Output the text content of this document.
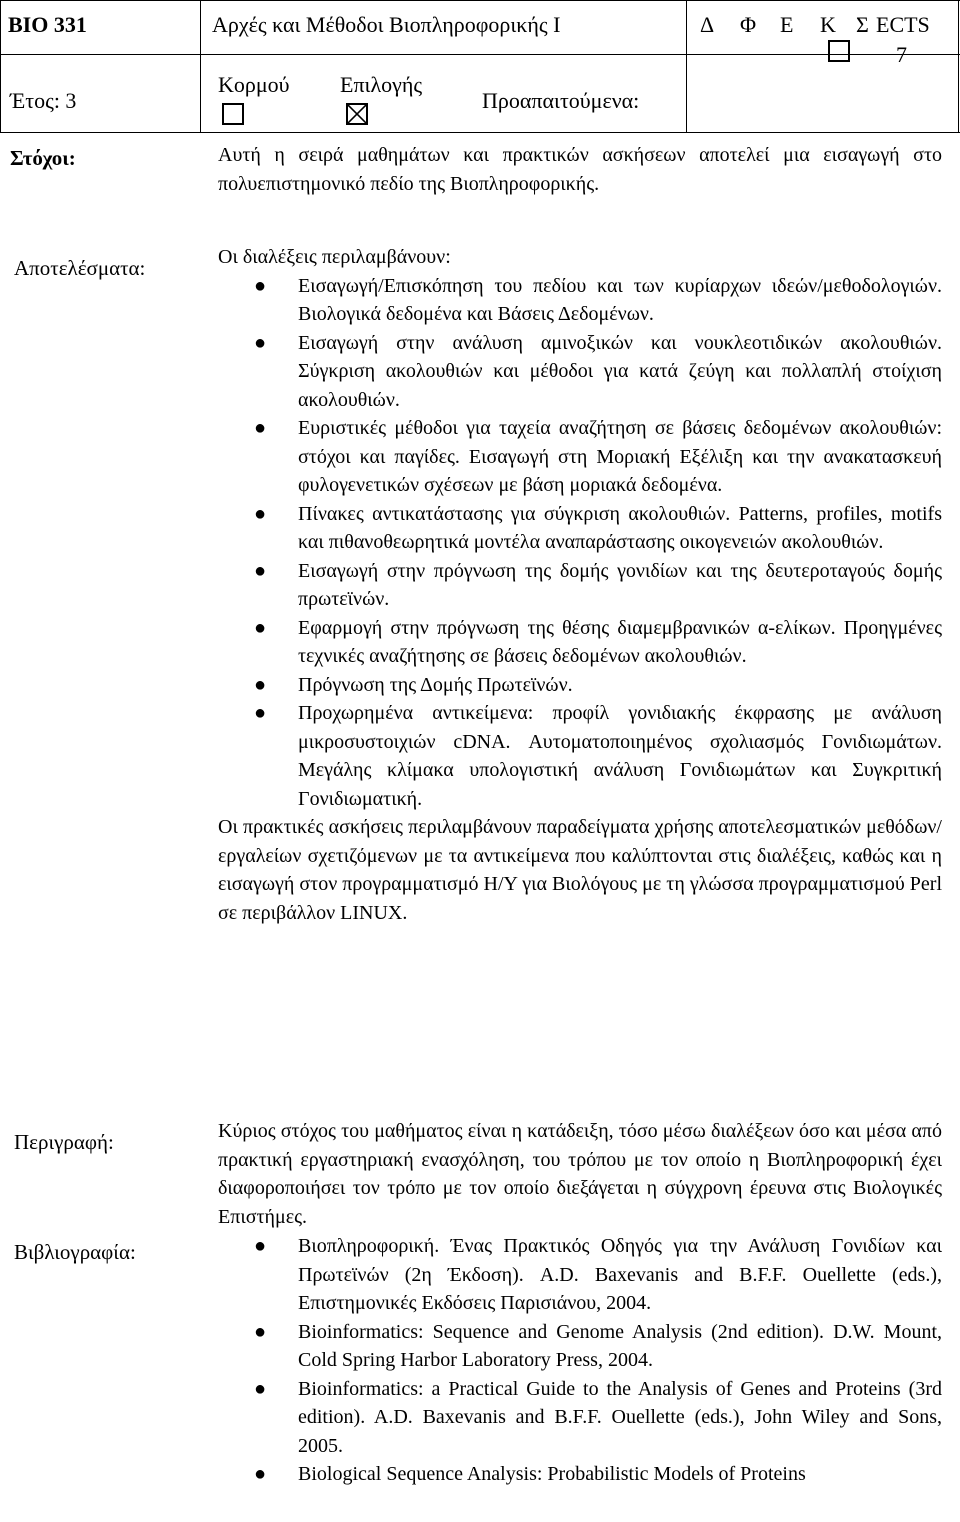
BIO 331	Αρχές και Μέθοδοι Βιοπληροφορικής Ι	Δ Φ Ε Κ Σ ECTS
Έτος: 3
Κορμού Επιλογής
Προαπαιτούμενα:
7
Στόχοι:
Αποτελέσματα:
Περιγραφή:
Βιβλιογραφία:
Αυτή η σειρά μαθημάτων και πρακτικών ασκήσεων αποτελεί μια εισαγωγή στο πολυεπιστημονικό πεδίο της Βιοπληροφορικής.
Οι διαλέξεις περιλαμβάνουν:
● Εισαγωγή/Επισκόπηση του πεδίου και των κυρίαρχων ιδεών/μεθοδολογιών. Βιολογικά δεδομένα και Βάσεις Δεδομένων.
● Εισαγωγή στην ανάλυση αμινοξικών και νουκλεοτιδικών ακολουθιών. Σύγκριση ακολουθιών και μέθοδοι για κατά ζεύγη και πολλαπλή στοίχιση ακολουθιών.
● Ευριστικές μέθοδοι για ταχεία αναζήτηση σε βάσεις δεδομένων ακολουθιών: στόχοι και παγίδες. Εισαγωγή στη Μοριακή Εξέλιξη και την ανακατασκευή φυλογενετικών σχέσεων με βάση μοριακά δεδομένα.
● Πίνακες αντικατάστασης για σύγκριση ακολουθιών. Patterns, profiles, motifs και πιθανοθεωρητικά μοντέλα αναπαράστασης οικογενειών ακολουθιών.
● Εισαγωγή στην πρόγνωση της δομής γονιδίων και της δευτεροταγούς δομής πρωτεϊνών.
● Εφαρμογή στην πρόγνωση της θέσης διαμεμβρανικών α-ελίκων. Προηγμένες τεχνικές αναζήτησης σε βάσεις δεδομένων ακολουθιών.
● Πρόγνωση της Δομής Πρωτεϊνών.
● Προχωρημένα αντικείμενα: προφίλ γονιδιακής έκφρασης με ανάλυση μικροσυστοιχιών cDNA. Αυτοματοποιημένος σχολιασμός Γονιδιωμάτων. Μεγάλης κλίμακα υπολογιστική ανάλυση Γονιδιωμάτων και Συγκριτική Γονιδιωματική.
Οι πρακτικές ασκήσεις περιλαμβάνουν παραδείγματα χρήσης αποτελεσματικών μεθόδων/εργαλείων σχετιζόμενων με τα αντικείμενα που καλύπτονται στις διαλέξεις, καθώς και η εισαγωγή στον προγραμματισμό Η/Υ για Βιολόγους με τη γλώσσα προγραμματισμού Perl σε περιβάλλον LINUX.
Κύριος στόχος του μαθήματος είναι η κατάδειξη, τόσο μέσω διαλέξεων όσο και μέσα από πρακτική εργαστηριακή ενασχόληση, του τρόπου με τον οποίο η Βιοπληροφορική έχει διαφοροποιήσει τον τρόπο με τον οποίο διεξάγεται η σύγχρονη έρευνα στις Βιολογικές Επιστήμες.
● Βιοπληροφορική. Ένας Πρακτικός Οδηγός για την Ανάλυση Γονιδίων και Πρωτεϊνών (2η Έκδοση). A.D. Baxevanis and B.F.F. Ouellette (eds.), Επιστημονικές Εκδόσεις Παρισιάνου, 2004.
● Bioinformatics: Sequence and Genome Analysis (2nd edition). D.W. Mount, Cold Spring Harbor Laboratory Press, 2004.
● Bioinformatics: a Practical Guide to the Analysis of Genes and Proteins (3rd edition). A.D. Baxevanis and B.F.F. Ouellette (eds.), John Wiley and Sons, 2005.
● Biological Sequence Analysis: Probabilistic Models of Proteins
